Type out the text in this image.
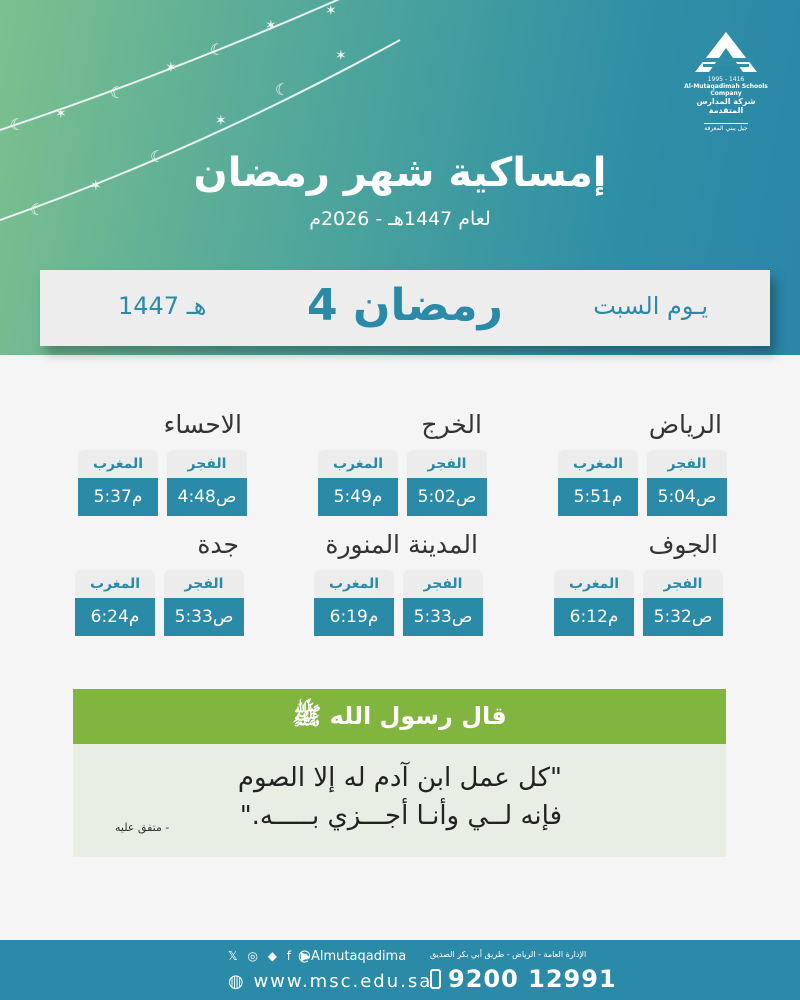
☾
✶
☾
✶
☾
✶
☾
✶
☾
✶
☾
✶
✶
1995 - 1416
Al-Mutaqadimah Schools Company
شركة المدارس المتقدمة
جيل يبني المعرفة
إمساكية شهر رمضان
لعام 1447هـ - 2026م
يـوم السبت
4 رمضان
1447 هـ
الرياض
الفجر
5:04ص
المغرب
5:51م
الخرج
الفجر
5:02ص
المغرب
5:49م
الاحساء
الفجر
4:48ص
المغرب
5:37م
الجوف
الفجر
5:32ص
المغرب
6:12م
المدينة المنورة
الفجر
5:33ص
المغرب
6:19م
جدة
الفجر
5:33ص
المغرب
6:24م
قال رسول الله ﷺ
"كل عمل ابن آدم له إلا الصوم
فإنه لــي وأنـا أجـــزي بـــــه."
- متفق عليه
𝕏 ◎ ◆ f ▶
@Almutaqadima
◍ www.msc.edu.sa
الإدارة العامة - الرياض - طريق أبي بكر الصديق
9200 12991
